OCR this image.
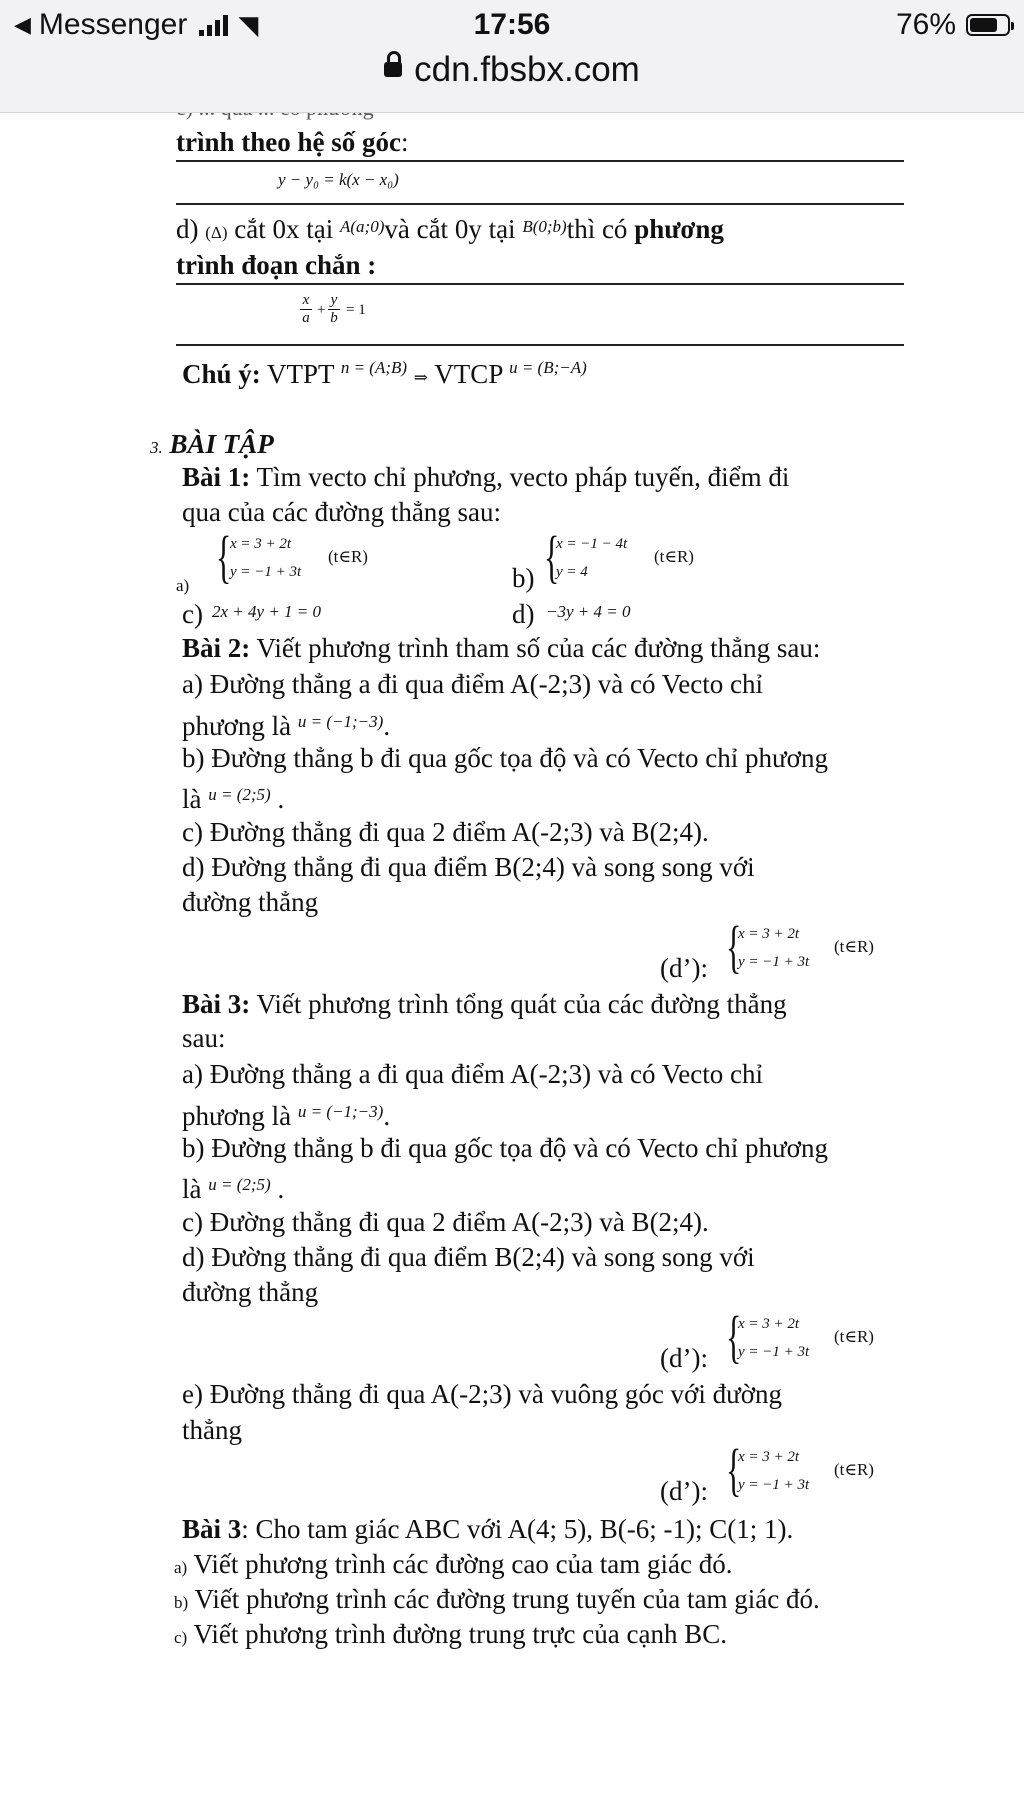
trình theo hệ số góc:
y − y₀ = k(x − x₀)
d) (Δ) cắt 0x tại $^{A(a;0)}$và cắt 0y tại $^{B(0;b)}$thì có phương
trình đoạn chắn :
x
a +
y
b = 1
Chú ý: VTPT $^{n = (A;B)}$ ⇒ VTCP $^{u = (B;-A)}$
3. BÀI TẬP
Bài 1: Tìm vecto chỉ phương, vecto pháp tuyến, điểm đi
qua của các đường thẳng sau:
a) {
x = 3 + 2t
y = −1 + 3t
(t∈R)
b) {
x = −1 − 4t
y = 4
(t∈R)
c) 2x + 4y + 1 = 0	d) −3y + 4 = 0
Bài 2: Viết phương trình tham số của các đường thẳng sau:
a) Đường thẳng a đi qua điểm A(-2;3) và có Vecto chỉ
phương là $^{u = (-1;-3)}$.
b) Đường thẳng b đi qua gốc tọa độ và có Vecto chỉ phương
là $^{u = (2;5)}$ .
c) Đường thẳng đi qua 2 điểm A(-2;3) và B(2;4).
d) Đường thẳng đi qua điểm B(2;4) và song song với
đường thẳng
(d’): {
x = 3 + 2t
y = −1 + 3t
(t∈R)
Bài 3: Viết phương trình tổng quát của các đường thẳng
sau:
a) Đường thẳng a đi qua điểm A(-2;3) và có Vecto chỉ
phương là $^{u = (-1;-3)}$.
b) Đường thẳng b đi qua gốc tọa độ và có Vecto chỉ phương
là $^{u = (2;5)}$ .
c) Đường thẳng đi qua 2 điểm A(-2;3) và B(2;4).
d) Đường thẳng đi qua điểm B(2;4) và song song với
đường thẳng
(d’): {
x = 3 + 2t
y = −1 + 3t
(t∈R)
e) Đường thẳng đi qua A(-2;3) và vuông góc với đường
thẳng
(d’): {
x = 3 + 2t
y = −1 + 3t
(t∈R)
Bài 3: Cho tam giác ABC với A(4; 5), B(-6; -1); C(1; 1).
a) Viết phương trình các đường cao của tam giác đó.
b) Viết phương trình các đường trung tuyến của tam giác đó.
c) Viết phương trình đường trung trực của cạnh BC.
◀ Messenger ◥	17:56	76%
cdn.fbsbx.com
